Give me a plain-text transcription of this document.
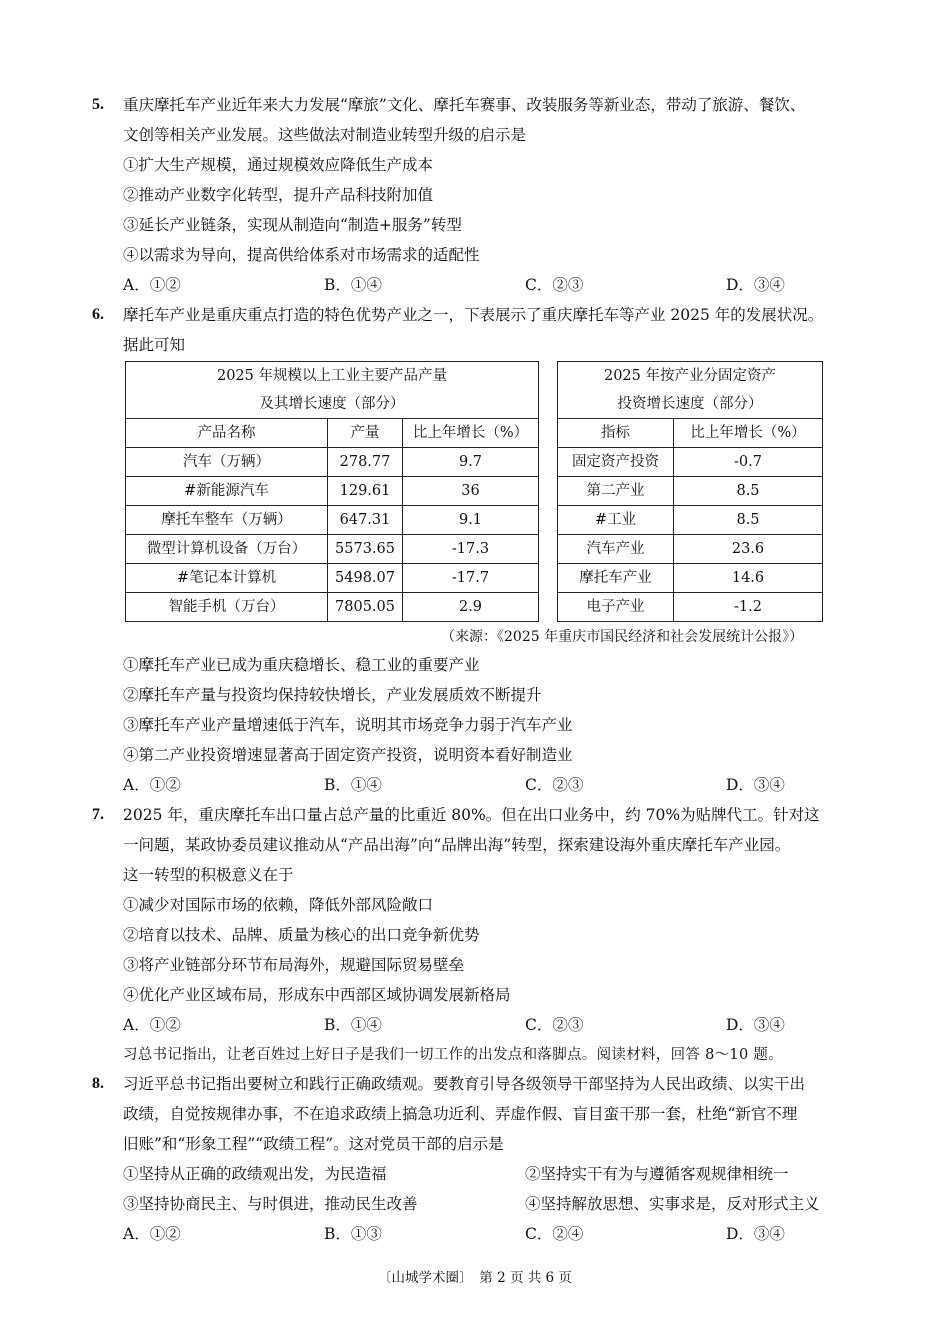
5. 重庆摩托车产业近年来大力发展“摩旅”文化、摩托车赛事、改装服务等新业态，带动了旅游、餐饮、
文创等相关产业发展。这些做法对制造业转型升级的启示是
①扩大生产规模，通过规模效应降低生产成本
②推动产业数字化转型，提升产品科技附加值
③延长产业链条，实现从制造向“制造+服务”转型
④以需求为导向，提高供给体系对市场需求的适配性
A．①②	B．①④	C．②③	D．③④
6. 摩托车产业是重庆重点打造的特色优势产业之一，下表展示了重庆摩托车等产业 2025 年的发展状况。
据此可知
2025 年规模以上工业主要产品产量
及其增长速度（部分）		

产品名称	产量	比上年增长（%）
汽车（万辆）	278.77	9.7
#新能源汽车	129.61	36
摩托车整车（万辆）	647.31	9.1
微型计算机设备（万台）	5573.65	-17.3
#笔记本计算机	5498.07	-17.7
智能手机（万台）	7805.05	2.9
2025 年按产业分固定资产
投资增长速度（部分）	

指标	比上年增长（%）
固定资产投资	-0.7
第二产业	8.5
#工业	8.5
汽车产业	23.6
摩托车产业	14.6
电子产业	-1.2
（来源：《2025 年重庆市国民经济和社会发展统计公报》）
①摩托车产业已成为重庆稳增长、稳工业的重要产业
②摩托车产量与投资均保持较快增长，产业发展质效不断提升
③摩托车产业产量增速低于汽车，说明其市场竞争力弱于汽车产业
④第二产业投资增速显著高于固定资产投资，说明资本看好制造业
A．①②	B．①④	C．②③	D．③④
7. 2025 年，重庆摩托车出口量占总产量的比重近 80%。但在出口业务中，约 70%为贴牌代工。针对这
一问题，某政协委员建议推动从“产品出海”向“品牌出海”转型，探索建设海外重庆摩托车产业园。
这一转型的积极意义在于
①减少对国际市场的依赖，降低外部风险敞口
②培育以技术、品牌、质量为核心的出口竞争新优势
③将产业链部分环节布局海外，规避国际贸易壁垒
④优化产业区域布局，形成东中西部区域协调发展新格局
A．①②	B．①④	C．②③	D．③④
习总书记指出，让老百姓过上好日子是我们一切工作的出发点和落脚点。阅读材料，回答 8～10 题。
8. 习近平总书记指出要树立和践行正确政绩观。要教育引导各级领导干部坚持为人民出政绩、以实干出
政绩，自觉按规律办事，不在追求政绩上搞急功近利、弄虚作假、盲目蛮干那一套，杜绝“新官不理
旧账”和“形象工程”“政绩工程”。这对党员干部的启示是
①坚持从正确的政绩观出发，为民造福	②坚持实干有为与遵循客观规律相统一
③坚持协商民主、与时俱进，推动民生改善	④坚持解放思想、实事求是，反对形式主义
A．①②	B．①③	C．②④	D．③④
〔山城学术圈〕　第 2 页 共 6 页
